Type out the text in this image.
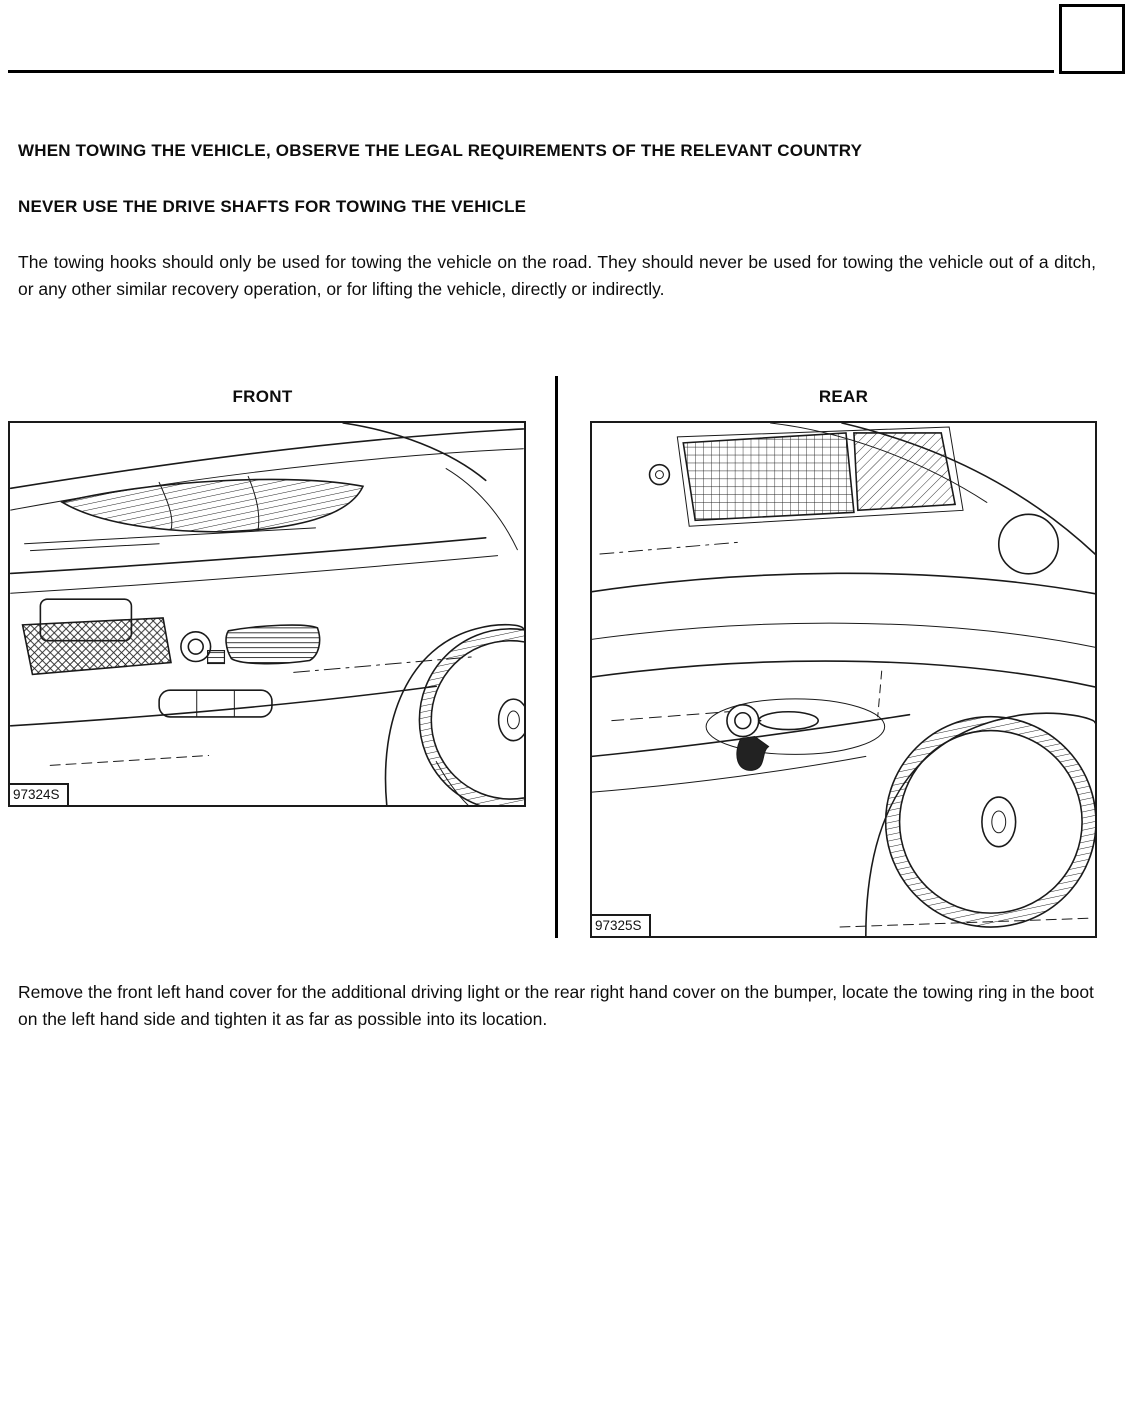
WHEN TOWING THE VEHICLE, OBSERVE THE LEGAL REQUIREMENTS OF THE RELEVANT COUNTRY
NEVER USE THE DRIVE SHAFTS FOR TOWING THE VEHICLE
The towing hooks should only be used for towing the vehicle on the road. They should never be used for towing the vehicle out of a ditch, or any other similar recovery operation, or for lifting the vehicle, directly or indirectly.
FRONT	REAR
97324S
97325S
Remove the front left hand cover for the additional driving light or the rear right hand cover on the bumper, locate the towing ring in the boot on the left hand side and tighten it as far as possible into its location.
